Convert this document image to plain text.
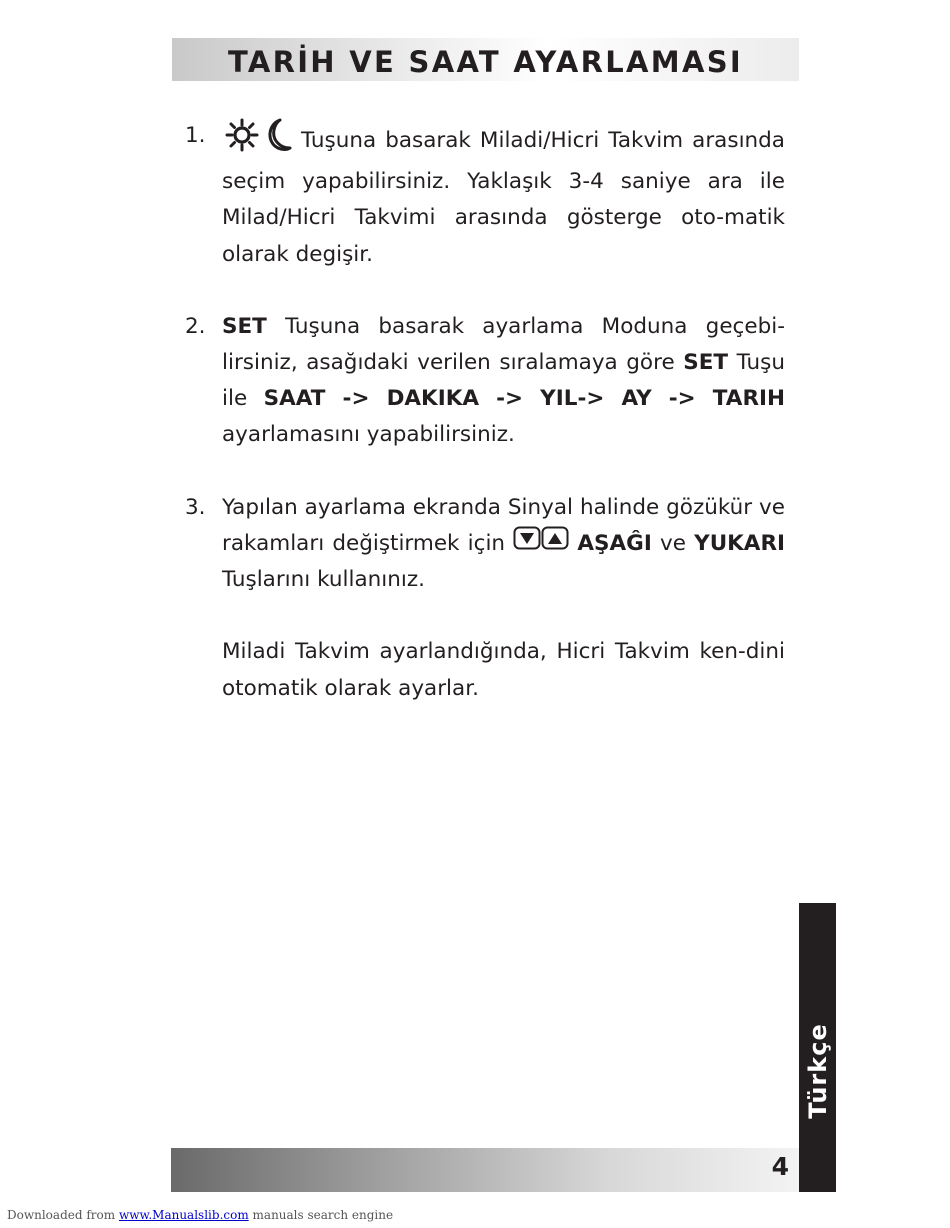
TARİH VE SAAT AYARLAMASI
1.	Tuşuna basarak Miladi/Hicri Takvim arasında seçim yapabilirsiniz. Yaklaşık 3-4 saniye ara ile Milad/Hicri Takvimi arasında gösterge oto-matik olarak degişir.

2. SET Tuşuna basarak ayarlama Moduna geçebi-lirsiniz, asağıdaki verilen sıralamaya göre SET Tuşu ile SAAT -> DAKIKA -> YIL-> AY -> TARIH ayarlamasını yapabilirsiniz.

3. Yapılan ayarlama ekranda Sinyal halinde gözükür ve rakamları değiştirmek için	AŞAĜI ve YUKARI Tuşlarını kullanınız.

Miladi Takvim ayarlandığında, Hicri Takvim ken-dini otomatik olarak ayarlar.

Türkçe
4
Downloaded from www.Manualslib.com manuals search engine
